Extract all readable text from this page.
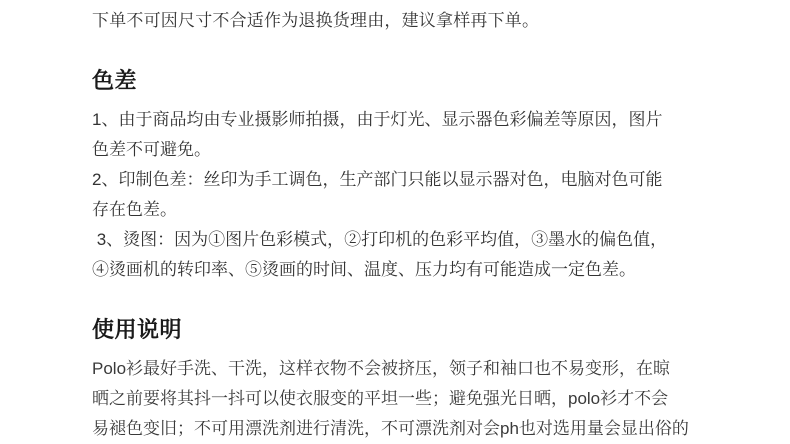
下单不可因尺寸不合适作为退换货理由，建议拿样再下单。

色差
1、由于商品均由专业摄影师拍摄，由于灯光、显示器色彩偏差等原因，图片
色差不可避免。
2、印制色差：丝印为手工调色，生产部门只能以显示器对色，电脑对色可能
存在色差。
3、烫图：因为①图片色彩模式，②打印机的色彩平均值，③墨水的偏色值，
④烫画机的转印率、⑤烫画的时间、温度、压力均有可能造成一定色差。
使用说明
Polo衫最好手洗、干洗，这样衣物不会被挤压，领子和袖口也不易变形，在晾
晒之前要将其抖一抖可以使衣服变的平坦一些；避免强光日晒，polo衫才不会
易褪色变旧；不可用漂洗剂进行清洗，不可漂洗剂对会ph也对选用量会显出俗的
